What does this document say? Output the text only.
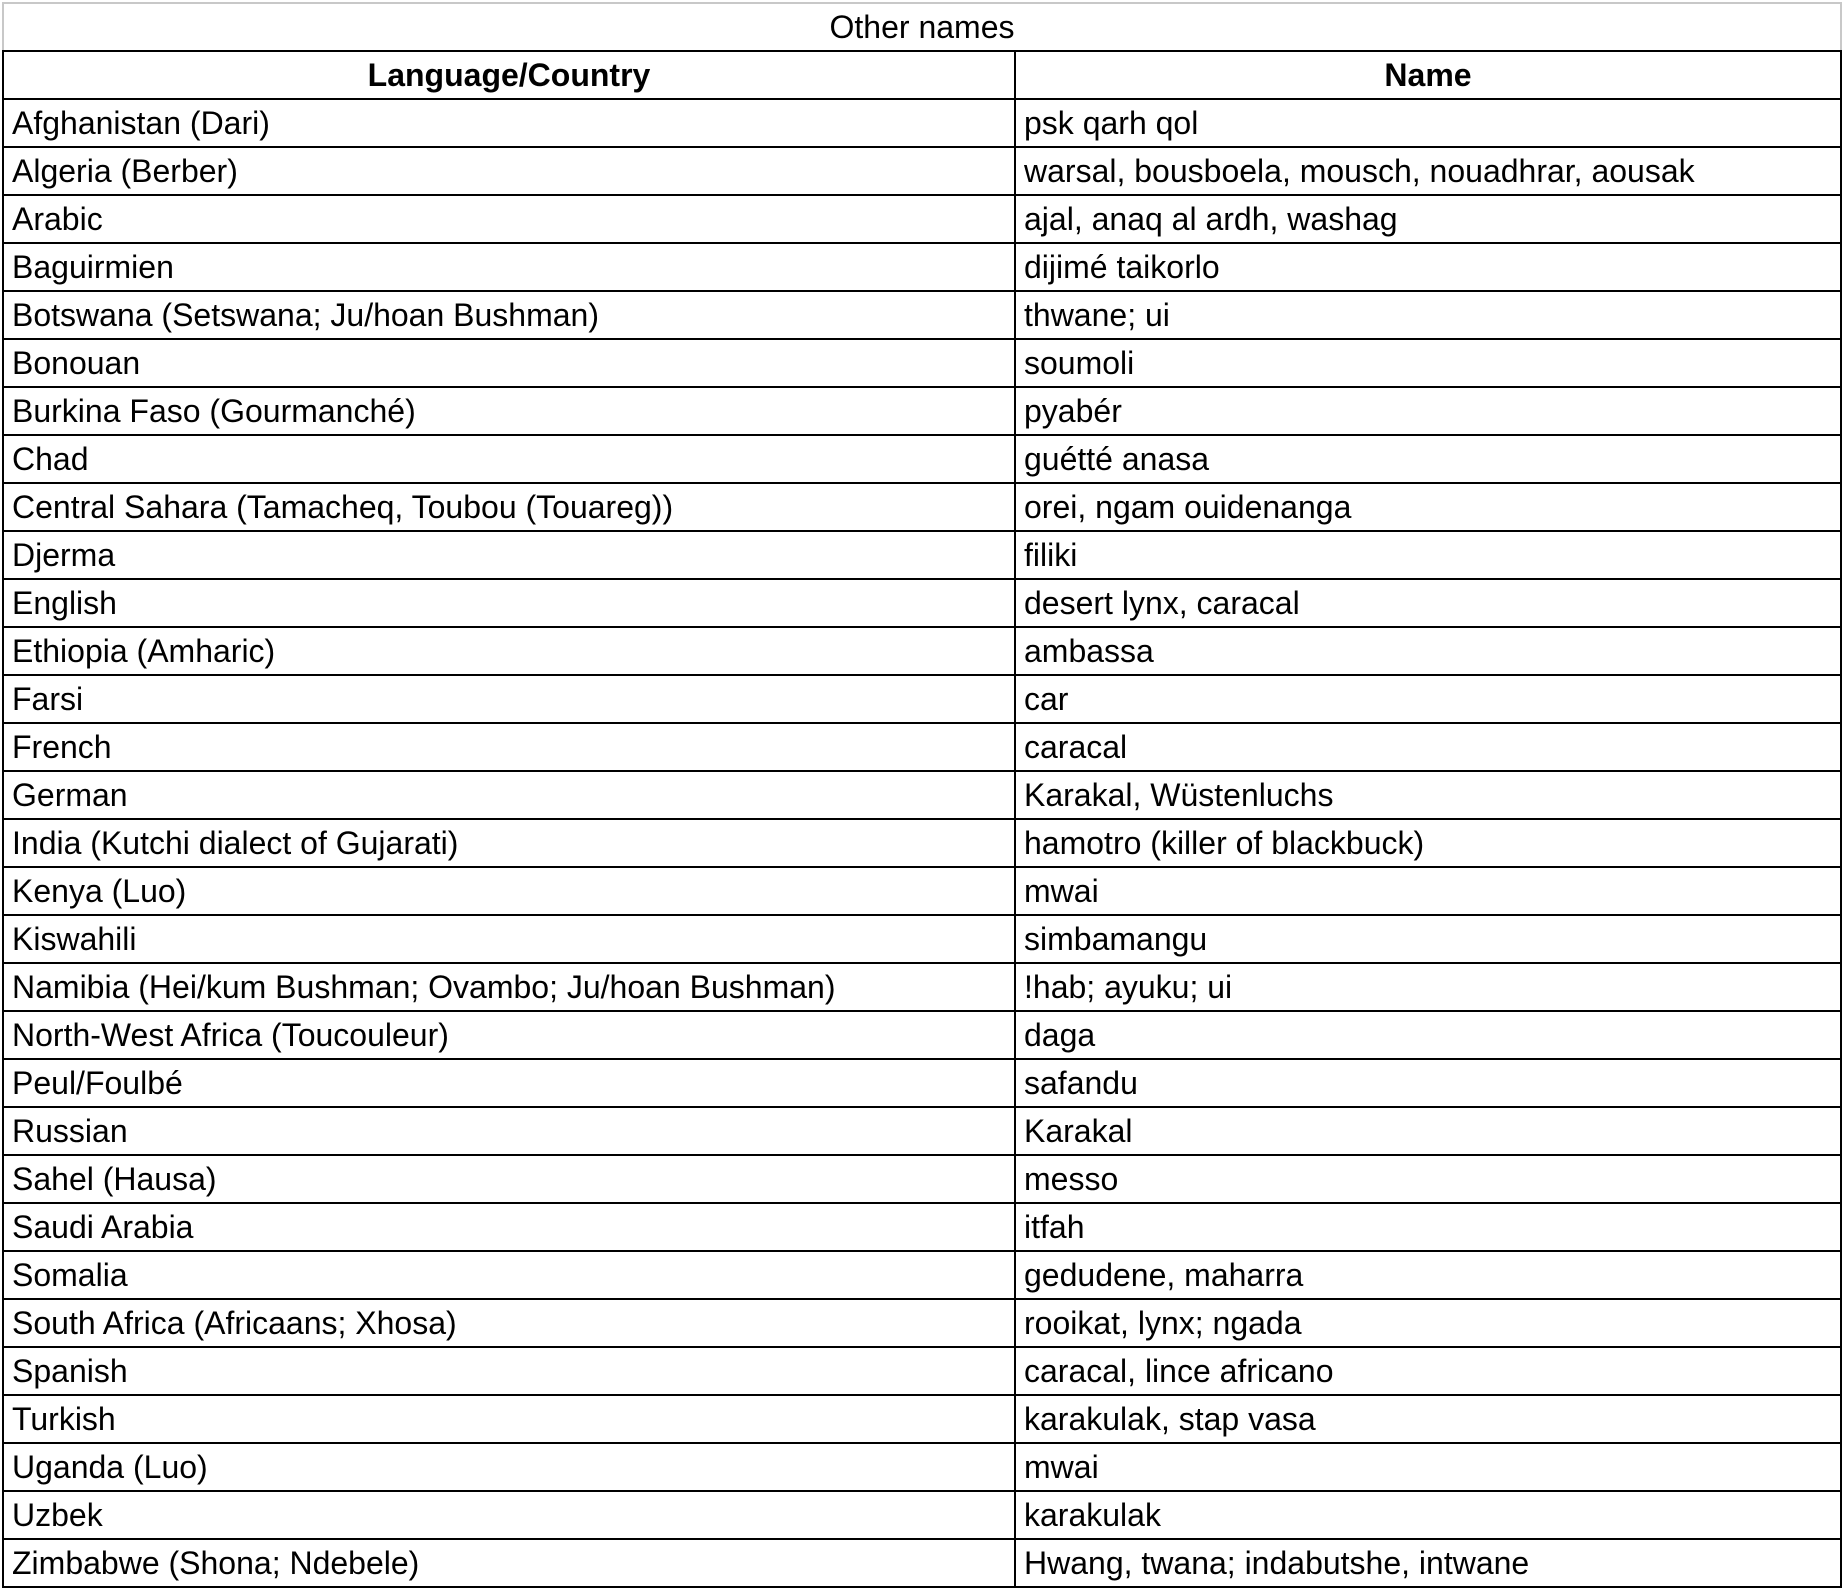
Other names	
Language/Country	Name
Afghanistan (Dari)	psk qarh qol
Algeria (Berber)	warsal, bousboela, mousch, nouadhrar, aousak
Arabic	ajal, anaq al ardh, washag
Baguirmien	dijimé taikorlo
Botswana (Setswana; Ju/hoan Bushman)	thwane; ui
Bonouan	soumoli
Burkina Faso (Gourmanché)	pyabér
Chad	guétté anasa
Central Sahara (Tamacheq, Toubou (Touareg))	orei, ngam ouidenanga
Djerma	filiki
English	desert lynx, caracal
Ethiopia (Amharic)	ambassa
Farsi	car
French	caracal
German	Karakal, Wüstenluchs
India (Kutchi dialect of Gujarati)	hamotro (killer of blackbuck)
Kenya (Luo)	mwai
Kiswahili	simbamangu
Namibia (Hei/kum Bushman; Ovambo; Ju/hoan Bushman)	!hab; ayuku; ui
North-West Africa (Toucouleur)	daga
Peul/Foulbé	safandu
Russian	Karakal
Sahel (Hausa)	messo
Saudi Arabia	itfah
Somalia	gedudene, maharra
South Africa (Africaans; Xhosa)	rooikat, lynx; ngada
Spanish	caracal, lince africano
Turkish	karakulak, stap vasa
Uganda (Luo)	mwai
Uzbek	karakulak
Zimbabwe (Shona; Ndebele)	Hwang, twana; indabutshe, intwane
